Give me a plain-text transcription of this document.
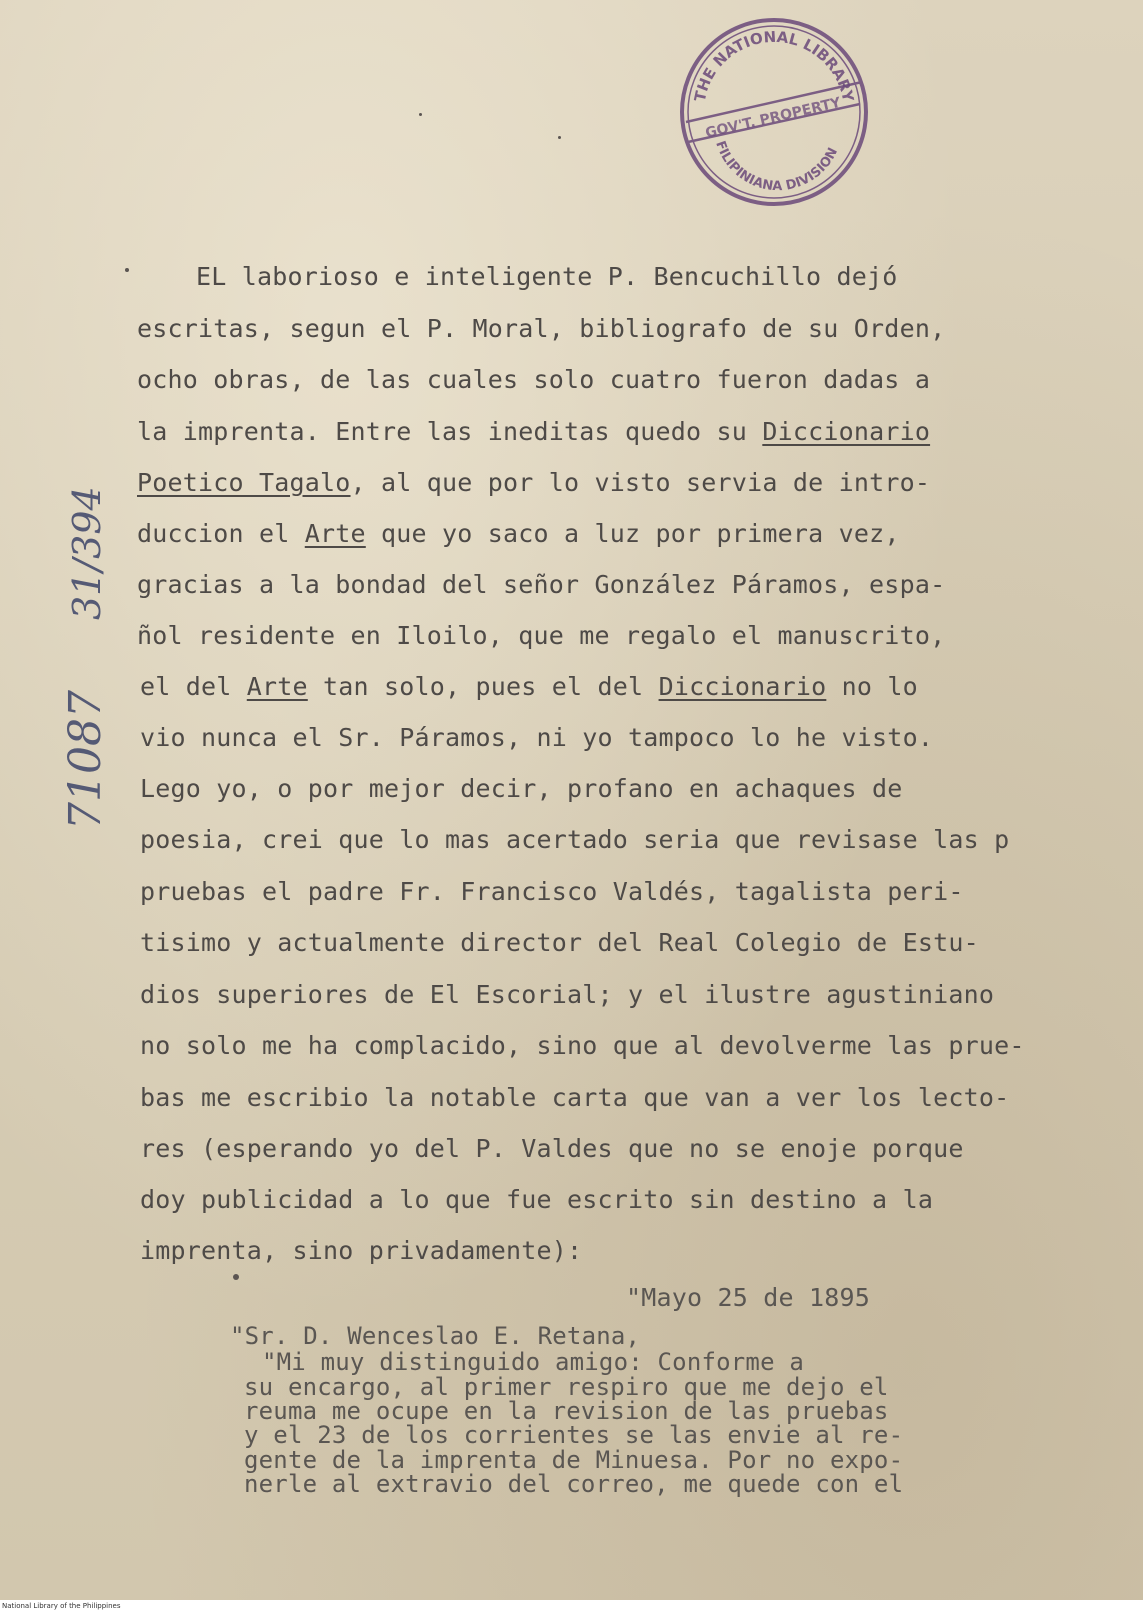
THE NATIONAL LIBRARY
GOV'T. PROPERTY
FILIPINIANA DIVISION
31/394
71087
EL laborioso e inteligente P. Bencuchillo dejó
escritas, segun el P. Moral, bibliografo de su Orden,
ocho obras, de las cuales solo cuatro fueron dadas a
la imprenta. Entre las ineditas quedo su Diccionario
Poetico Tagalo, al que por lo visto servia de intro-
duccion el Arte que yo saco a luz por primera vez,
gracias a la bondad del señor González Páramos, espa-
ñol residente en Iloilo, que me regalo el manuscrito,
el del Arte tan solo, pues el del Diccionario no lo
vio nunca el Sr. Páramos, ni yo tampoco lo he visto.
Lego yo, o por mejor decir, profano en achaques de
poesia, crei que lo mas acertado seria que revisase las p
pruebas el padre Fr. Francisco Valdés, tagalista peri-
tisimo y actualmente director del Real Colegio de Estu-
dios superiores de El Escorial; y el ilustre agustiniano
no solo me ha complacido, sino que al devolverme las prue-
bas me escribio la notable carta que van a ver los lecto-
res (esperando yo del P. Valdes que no se enoje porque
doy publicidad a lo que fue escrito sin destino a la
imprenta, sino privadamente):
"Mayo 25 de 1895
"Sr. D. Wenceslao E. Retana,
"Mi muy distinguido amigo: Conforme a
su encargo, al primer respiro que me dejo el
reuma me ocupe en la revision de las pruebas
y el 23 de los corrientes se las envie al re-
gente de la imprenta de Minuesa. Por no expo-
nerle al extravio del correo, me quede con el
National Library of the Philippines
